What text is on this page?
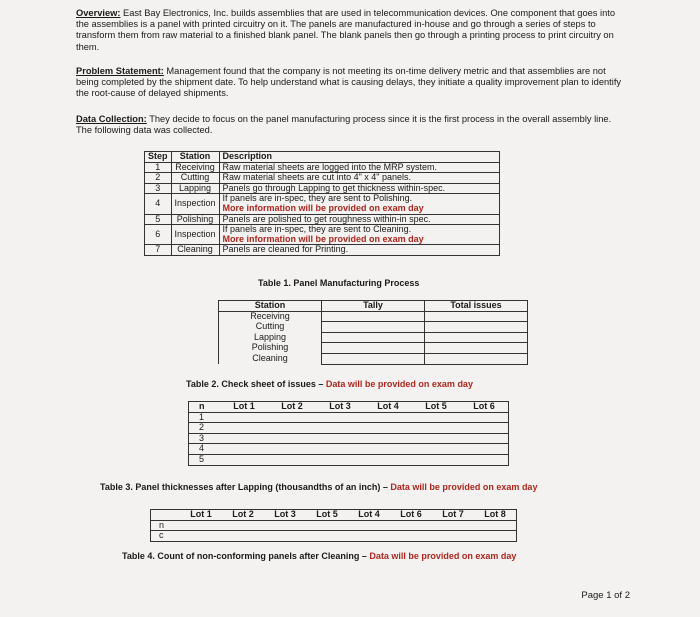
Overview: East Bay Electronics, Inc. builds assemblies that are used in telecommunication devices. One component that goes into the assemblies is a panel with printed circuitry on it. The panels are manufactured in-house and go through a series of steps to transform them from raw material to a finished blank panel. The blank panels then go through a printing process to print circuitry on them.

Problem Statement: Management found that the company is not meeting its on-time delivery metric and that assemblies are not being completed by the shipment date. To help understand what is causing delays, they initiate a quality improvement plan to identify the root-cause of delayed shipments.

Data Collection: They decide to focus on the panel manufacturing process since it is the first process in the overall assembly line. The following data was collected.

Step	Station	Description
1	Receiving	Raw material sheets are logged into the MRP system.

2	Cutting	Raw material sheets are cut into 4" x 4" panels.

3	Lapping	Panels go through Lapping to get thickness within-spec.

4	Inspection	If panels are in-spec, they are sent to Polishing.
More information will be provided on exam day

5	Polishing	Panels are polished to get roughness within-in spec.

6	Inspection	If panels are in-spec, they are sent to Cleaning.
More information will be provided on exam day

7	Cleaning	Panels are cleaned for Printing.
Table 1. Panel Manufacturing Process
Station	Tally	Total issues
Receiving		
Cutting		
Lapping		
Polishing		
Cleaning		
Table 2. Check sheet of issues – Data will be provided on exam day
n	Lot 1	Lot 2	Lot 3	Lot 4	Lot 5	Lot 6
1						
2						
3						
4						
5						
Table 3. Panel thicknesses after Lapping (thousandths of an inch) – Data will be provided on exam day
	Lot 1	Lot 2	Lot 3	Lot 5	Lot 4	Lot 6	Lot 7	Lot 8
n								
c								
Table 4. Count of non-conforming panels after Cleaning – Data will be provided on exam day
Page 1 of 2
